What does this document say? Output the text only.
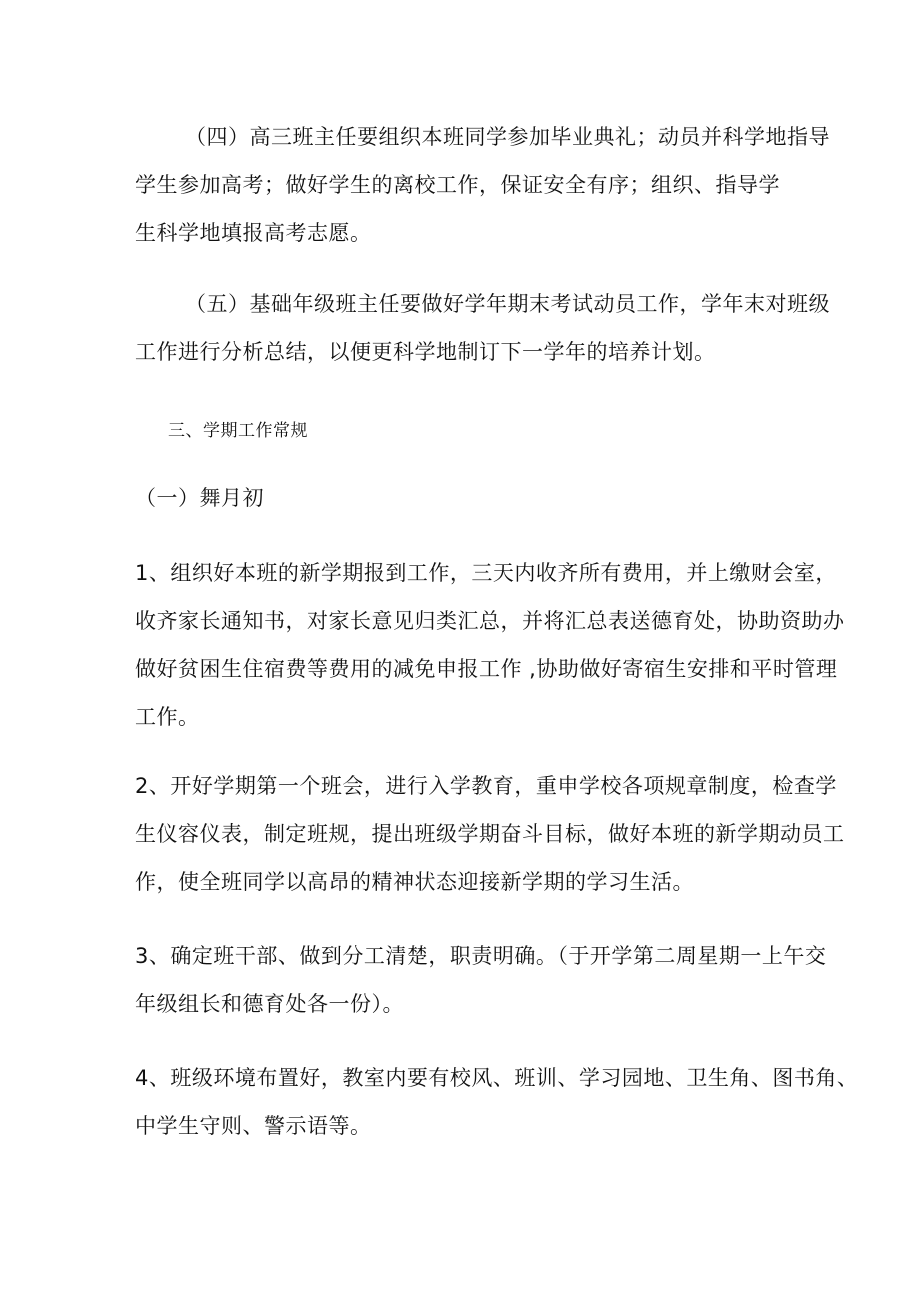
（四）高三班主任要组织本班同学参加毕业典礼；动员并科学地指导
学生参加高考；做好学生的离校工作，保证安全有序；组织、指导学
生科学地填报高考志愿。
（五）基础年级班主任要做好学年期末考试动员工作，学年末对班级
工作进行分析总结，以便更科学地制订下一学年的培养计划。
三、学期工作常规
（一）舞月初
1、组织好本班的新学期报到工作，三天内收齐所有费用，并上缴财会室，
收齐家长通知书，对家长意见归类汇总，并将汇总表送德育处，协助资助办
做好贫困生住宿费等费用的减免申报工作 ,协助做好寄宿生安排和平时管理
工作。
2、开好学期第一个班会，进行入学教育，重申学校各项规章制度，检查学
生仪容仪表，制定班规，提出班级学期奋斗目标，做好本班的新学期动员工
作，使全班同学以高昂的精神状态迎接新学期的学习生活。
3、确定班干部、做到分工清楚，职责明确。（于开学第二周星期一上午交
年级组长和德育处各一份）。
4、班级环境布置好，教室内要有校风、班训、学习园地、卫生角、图书角、
中学生守则、警示语等。
